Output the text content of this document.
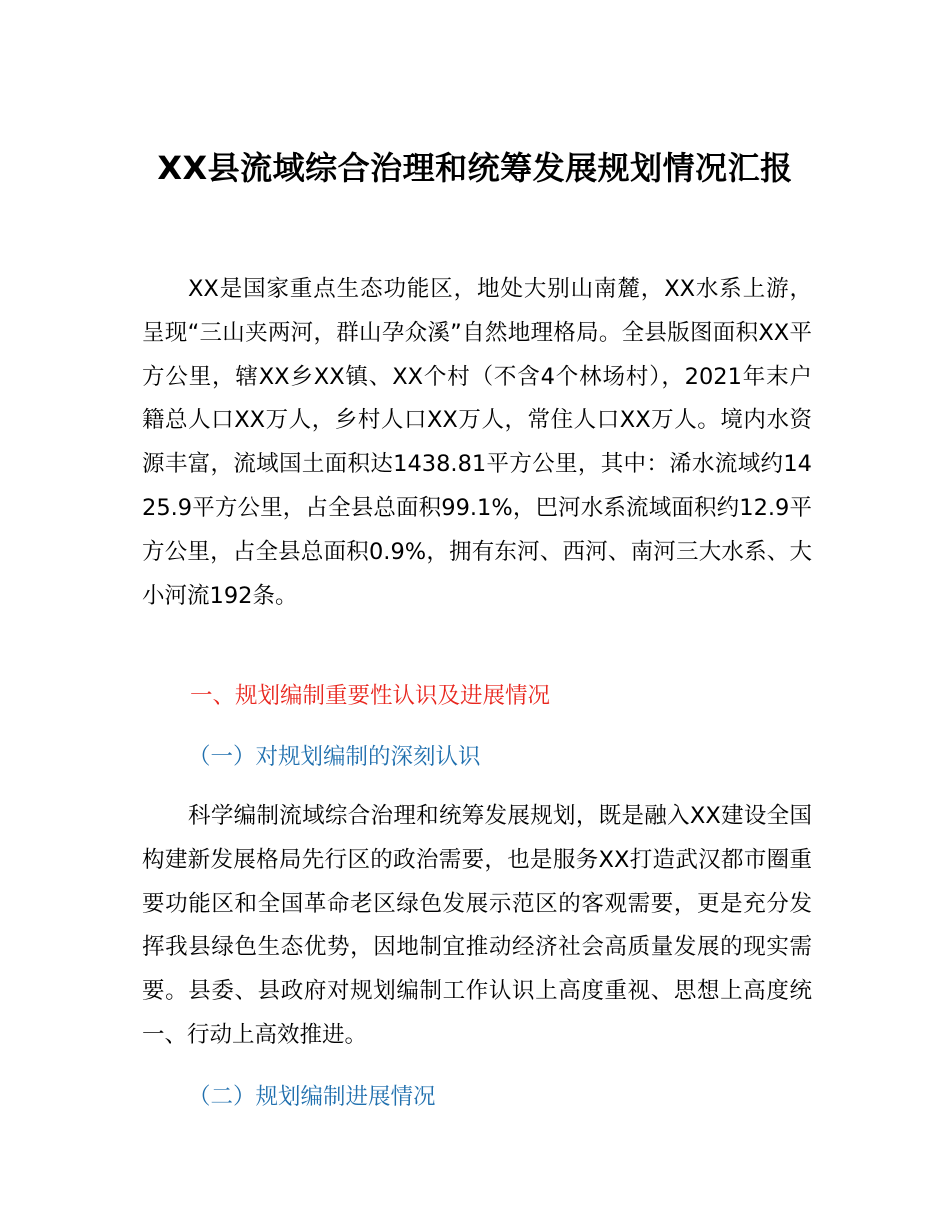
XX县流域综合治理和统筹发展规划情况汇报

XX是国家重点生态功能区，地处大别山南麓，XX水系上游，呈现“三山夹两河，群山孕众溪”自然地理格局。全县版图面积XX平方公里，辖XX乡XX镇、XX个村（不含4个林场村），2021年末户籍总人口XX万人，乡村人口XX万人，常住人口XX万人。境内水资源丰富，流域国土面积达1438.81平方公里，其中：浠水流域约1425.9平方公里，占全县总面积99.1%，巴河水系流域面积约12.9平方公里，占全县总面积0.9%，拥有东河、西河、南河三大水系、大小河流192条。

一、规划编制重要性认识及进展情况
（一）对规划编制的深刻认识

科学编制流域综合治理和统筹发展规划，既是融入XX建设全国构建新发展格局先行区的政治需要，也是服务XX打造武汉都市圈重要功能区和全国革命老区绿色发展示范区的客观需要，更是充分发挥我县绿色生态优势，因地制宜推动经济社会高质量发展的现实需要。县委、县政府对规划编制工作认识上高度重视、思想上高度统一、行动上高效推进。

（二）规划编制进展情况
